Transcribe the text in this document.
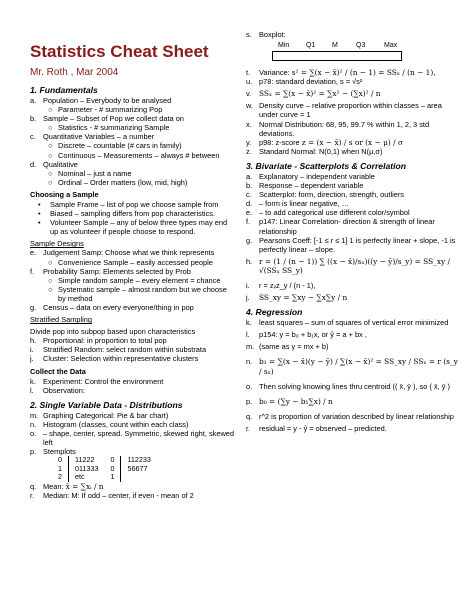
Statistics Cheat Sheet
Mr. Roth , Mar 2004
1. Fundamentals
a. Population – Everybody to be analysed
○ Parameter - # summarizing Pop
b. Sample – Subset of Pop we collect data on
○ Statistics - # summarizing Sample
c. Quantitative Variables – a number
○ Discrete – countable (# cars in family)
○ Continuous – Measurements – always # between
d. Qualitative
○ Nominal – just a name
○ Ordinal – Order matters (low, mid, high)
Choosing a Sample
•	Sample Frame – list of pop we choose sample from
•	Biased – sampling differs from pop characteristics.
•	Volunteer Sample – any of below three types may end up as volunteer if people choose to respond.
Sample Designs
e. Judgement Samp: Choose what we think represents
○ Convenience Sample – easily accessed people
f.	Probability Samp: Elements selected by Prob
○ Simple random sample – every element = chance
○ Systematic sample – almost random but we choose by method
g. Census – data on every everyone/thing in pop
Stratified Sampling
Divide pop into subpop based upon characteristics
h. Proportional: in proportion to total pop
i.	Stratified Random: select random within substrata
j.	Cluster: Selection within representative clusters
Collect the Data
k. Experiment: Control the environment
l.	Observation:
2. Single Variable Data - Distributions
m. Graphing Categorical: Pie & bar chart)
n. Histogram (classes, count within each class)
o. – shape, center, spread. Symmetric, skewed right, skewed left
p. Stemplots
0	11222	0	112233
1	011333	0	56677
2	etc	1	
q. Mean: x̄ = ∑xᵢ / n
r.	Median: M: If odd – center, if even - mean of 2
s. Boxplot:
Min Q1 M	Q3	Max
t.	Variance: s² = ∑(x − x̄)² / (n − 1) = SSₓ / (n − 1),
u. p78: standard deviation, s = √s²
v.	SSₓ = ∑(x − x̄)² = ∑x² − (∑x)² / n
w. Density curve – relative proportion within classes – area under curve = 1
x. Normal Distribution: 68, 95, 99.7 % within 1, 2, 3 std deviations.
y.	p98: z-score z = (x − x̄) / s or (x − μ) / σ
z. Standard Normal: N(0,1) when N(μ,σ)
3. Bivariate - Scatterplots & Correlation
a. Explanatory – independent variable
b. Response – dependent variable
c. Scatterplot: form, direction, strength, outliers
d. – form is linear negative, …
e. – to add categorical use different color/symbol
f.	p147: Linear Correlation- direction & strength of linear relationship
g. Pearsons Coeff: [-1 ≤ r ≤ 1] 1 is perfectly linear + slope, -1 is perfectly linear – slope.
h. r = (1 / (n − 1)) ∑ ((x − x̄)/sₓ)((y − ȳ)/s_y) = SS_xy / √(SSₓ SS_y)
i.	r = zₓz_y / (n - 1),
j.	SS_xy = ∑xy − ∑x∑y / n
4. Regression
k. least squares – sum of squares of vertical error minimized
l.	p154: y = b₀ + b₁x, or ŷ = a + bx ,
m. (same as y = mx + b)
n. b₁ = ∑(x − x̄)(y − ȳ) / ∑(x − x̄)² = SS_xy / SSₓ = r (s_y / sₓ)
o. Then solving knowing lines thru centroid (( x̄, ȳ ), so ( x̄, ȳ )
p. b₀ = (∑y − b₁∑x) / n
q. r^2 is proportion of variation described by linear relationship
r.	residual = y - ŷ = observed – predicted.
